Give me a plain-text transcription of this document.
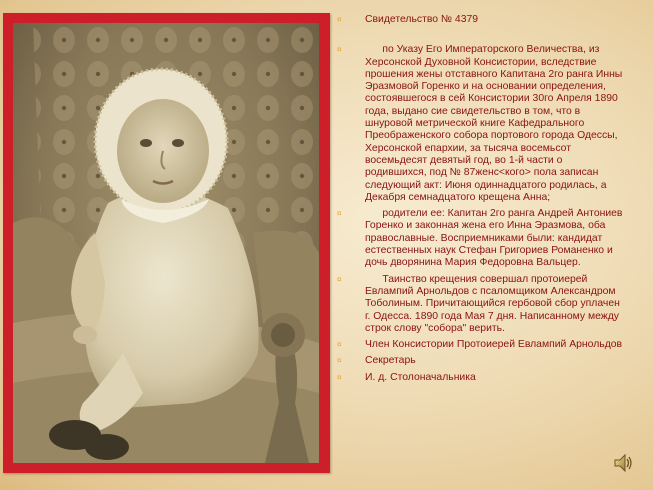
¤	Свидетельство № 4379
¤	по Указу Его Императорского Величества, из Херсонской Духовной Консистории, вследствие прошения жены отставного Капитана 2го ранга Инны Эразмовой Горенко и на основании определения, состоявшегося в сей Консистории 30го Апреля 1890 года, выдано сие свидетельство в том, что в шнуровой метрической книге Кафедрального Преображенского собора портового города Одессы, Херсонской епархии, за тысяча восемьсот восемьдесят девятый год, во 1-й части о родившихся, под № 87женс<кого> пола записан следующий акт: Июня одиннадцатого родилась, а Декабря семнадцатого крещена Анна;
¤	родители ее: Капитан 2го ранга Андрей Антониев Горенко и законная жена его Инна Эразмова, оба православные. Восприемниками были: кандидат естественных наук Стефан Григориев Романенко и дочь дворянина Мария Федоровна Вальцер.
¤	Таинство крещения совершал протоиерей Евлампий Арнольдов с псаломщиком Александром Тоболиным. Причитающийся гербовой сбор уплачен г. Одесса. 1890 года Мая 7 дня. Написанному между строк слову "собора" верить.
¤	Член Консистории Протоиерей Евлампий Арнольдов
¤	Секретарь
¤	И. д. Столоначальника
